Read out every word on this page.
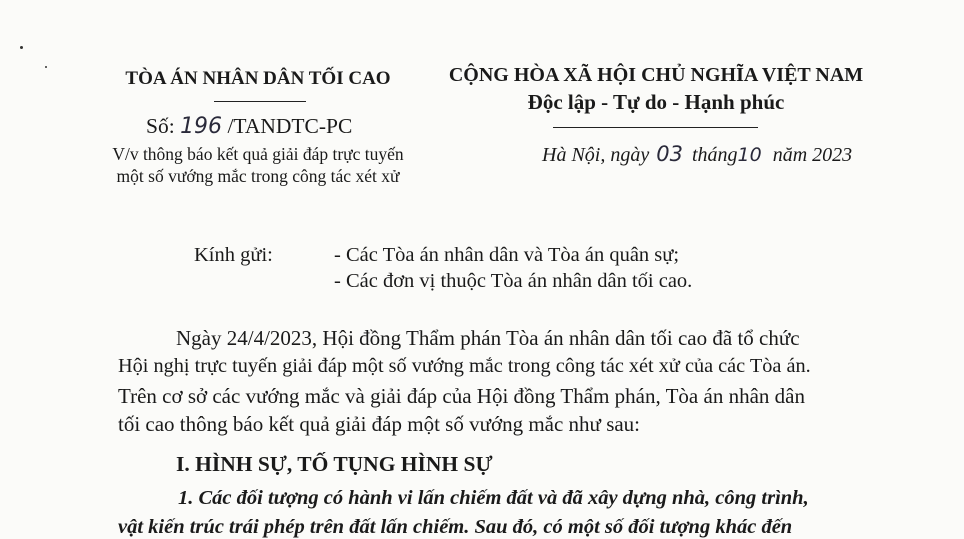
TÒA ÁN NHÂN DÂN TỐI CAO
Số: 196 /TANDTC-PC
V/v thông báo kết quả giải đáp trực tuyến
một số vướng mắc trong công tác xét xử
CỘNG HÒA XÃ HỘI CHỦ NGHĨA VIỆT NAM
Độc lập - Tự do - Hạnh phúc
Hà Nội, ngày 03 tháng10 năm 2023
Kính gửi:	- Các Tòa án nhân dân và Tòa án quân sự;
- Các đơn vị thuộc Tòa án nhân dân tối cao.
Ngày 24/4/2023, Hội đồng Thẩm phán Tòa án nhân dân tối cao đã tổ chức
Hội nghị trực tuyến giải đáp một số vướng mắc trong công tác xét xử của các Tòa án.
Trên cơ sở các vướng mắc và giải đáp của Hội đồng Thẩm phán, Tòa án nhân dân
tối cao thông báo kết quả giải đáp một số vướng mắc như sau:
I. HÌNH SỰ, TỐ TỤNG HÌNH SỰ
1. Các đối tượng có hành vi lấn chiếm đất và đã xây dựng nhà, công trình,
vật kiến trúc trái phép trên đất lấn chiếm. Sau đó, có một số đối tượng khác đến
